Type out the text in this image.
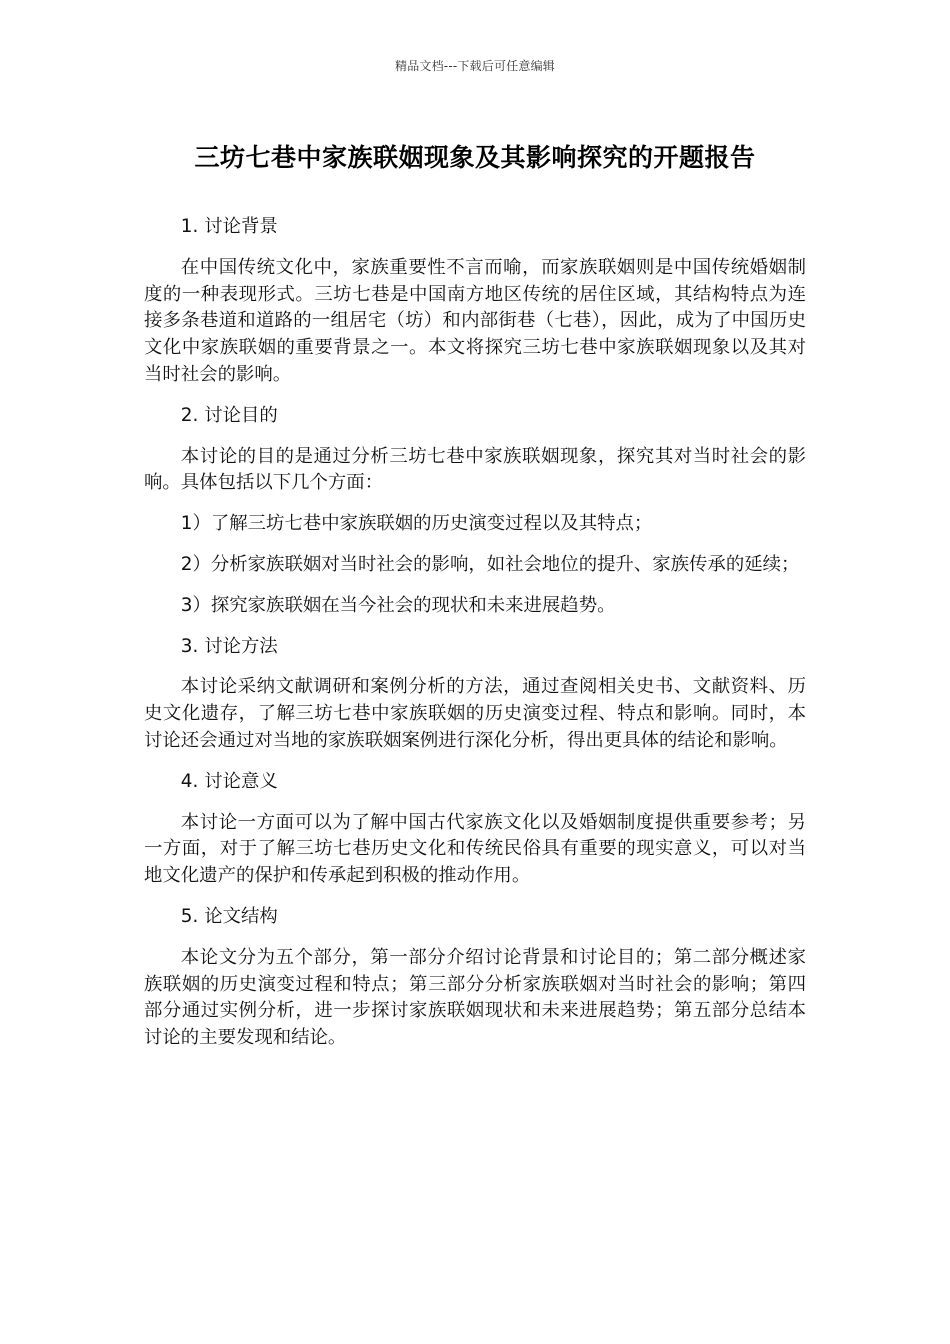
精品文档---下载后可任意编辑
三坊七巷中家族联姻现象及其影响探究的开题报告

1. 讨论背景

在中国传统文化中，家族重要性不言而喻，而家族联姻则是中国传统婚姻制度的一种表现形式。三坊七巷是中国南方地区传统的居住区域，其结构特点为连接多条巷道和道路的一组居宅（坊）和内部街巷（七巷），因此，成为了中国历史文化中家族联姻的重要背景之一。本文将探究三坊七巷中家族联姻现象以及其对当时社会的影响。

2. 讨论目的

本讨论的目的是通过分析三坊七巷中家族联姻现象，探究其对当时社会的影响。具体包括以下几个方面：

1）了解三坊七巷中家族联姻的历史演变过程以及其特点；

2）分析家族联姻对当时社会的影响，如社会地位的提升、家族传承的延续；

3）探究家族联姻在当今社会的现状和未来进展趋势。

3. 讨论方法

本讨论采纳文献调研和案例分析的方法，通过查阅相关史书、文献资料、历史文化遗存，了解三坊七巷中家族联姻的历史演变过程、特点和影响。同时，本讨论还会通过对当地的家族联姻案例进行深化分析，得出更具体的结论和影响。

4. 讨论意义

本讨论一方面可以为了解中国古代家族文化以及婚姻制度提供重要参考；另一方面，对于了解三坊七巷历史文化和传统民俗具有重要的现实意义，可以对当地文化遗产的保护和传承起到积极的推动作用。

5. 论文结构

本论文分为五个部分，第一部分介绍讨论背景和讨论目的；第二部分概述家族联姻的历史演变过程和特点；第三部分分析家族联姻对当时社会的影响；第四部分通过实例分析，进一步探讨家族联姻现状和未来进展趋势；第五部分总结本讨论的主要发现和结论。
